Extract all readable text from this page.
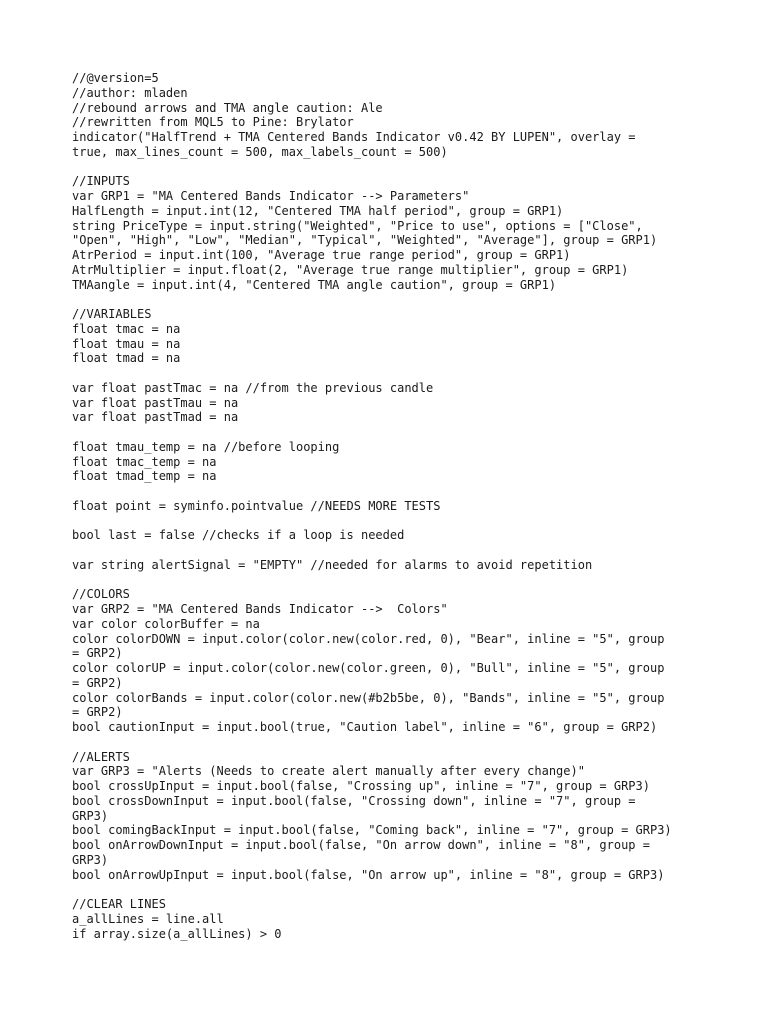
//@version=5
//author: mladen
//rebound arrows and TMA angle caution: Ale
//rewritten from MQL5 to Pine: Brylator
indicator("HalfTrend + TMA Centered Bands Indicator v0.42 BY LUPEN", overlay =
true, max_lines_count = 500, max_labels_count = 500)
//INPUTS
var GRP1 = "MA Centered Bands Indicator --> Parameters"
HalfLength = input.int(12, "Centered TMA half period", group = GRP1)
string PriceType = input.string("Weighted", "Price to use", options = ["Close",
"Open", "High", "Low", "Median", "Typical", "Weighted", "Average"], group = GRP1)
AtrPeriod = input.int(100, "Average true range period", group = GRP1)
AtrMultiplier = input.float(2, "Average true range multiplier", group = GRP1)
TMAangle = input.int(4, "Centered TMA angle caution", group = GRP1)
//VARIABLES
float tmac = na
float tmau = na
float tmad = na
var float pastTmac = na //from the previous candle
var float pastTmau = na
var float pastTmad = na
float tmau_temp = na //before looping
float tmac_temp = na
float tmad_temp = na
float point = syminfo.pointvalue //NEEDS MORE TESTS
bool last = false //checks if a loop is needed
var string alertSignal = "EMPTY" //needed for alarms to avoid repetition
//COLORS
var GRP2 = "MA Centered Bands Indicator -->  Colors"
var color colorBuffer = na
color colorDOWN = input.color(color.new(color.red, 0), "Bear", inline = "5", group
= GRP2)
color colorUP = input.color(color.new(color.green, 0), "Bull", inline = "5", group
= GRP2)
color colorBands = input.color(color.new(#b2b5be, 0), "Bands", inline = "5", group
= GRP2)
bool cautionInput = input.bool(true, "Caution label", inline = "6", group = GRP2)
//ALERTS
var GRP3 = "Alerts (Needs to create alert manually after every change)"
bool crossUpInput = input.bool(false, "Crossing up", inline = "7", group = GRP3)
bool crossDownInput = input.bool(false, "Crossing down", inline = "7", group =
GRP3)
bool comingBackInput = input.bool(false, "Coming back", inline = "7", group = GRP3)
bool onArrowDownInput = input.bool(false, "On arrow down", inline = "8", group =
GRP3)
bool onArrowUpInput = input.bool(false, "On arrow up", inline = "8", group = GRP3)
//CLEAR LINES
a_allLines = line.all
if array.size(a_allLines) > 0
